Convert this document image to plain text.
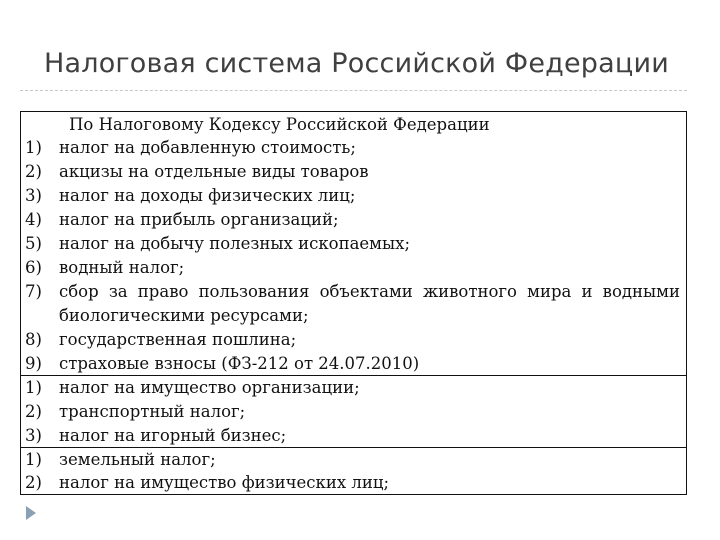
Налоговая система Российской Федерации
По Налоговому Кодексу Российской Федерации
1) налог на добавленную стоимость;
2) акцизы на отдельные виды товаров
3) налог на доходы физических лиц;
4) налог на прибыль организаций;
5) налог на добычу полезных ископаемых;
6) водный налог;
7) сбор за право пользования объектами животного мира и водными
биологическими ресурсами;
8) государственная пошлина;
9) страховые взносы (ФЗ-212 от 24.07.2010)
1) налог на имущество организации;
2) транспортный налог;
3) налог на игорный бизнес;
1) земельный налог;
2) налог на имущество физических лиц;
